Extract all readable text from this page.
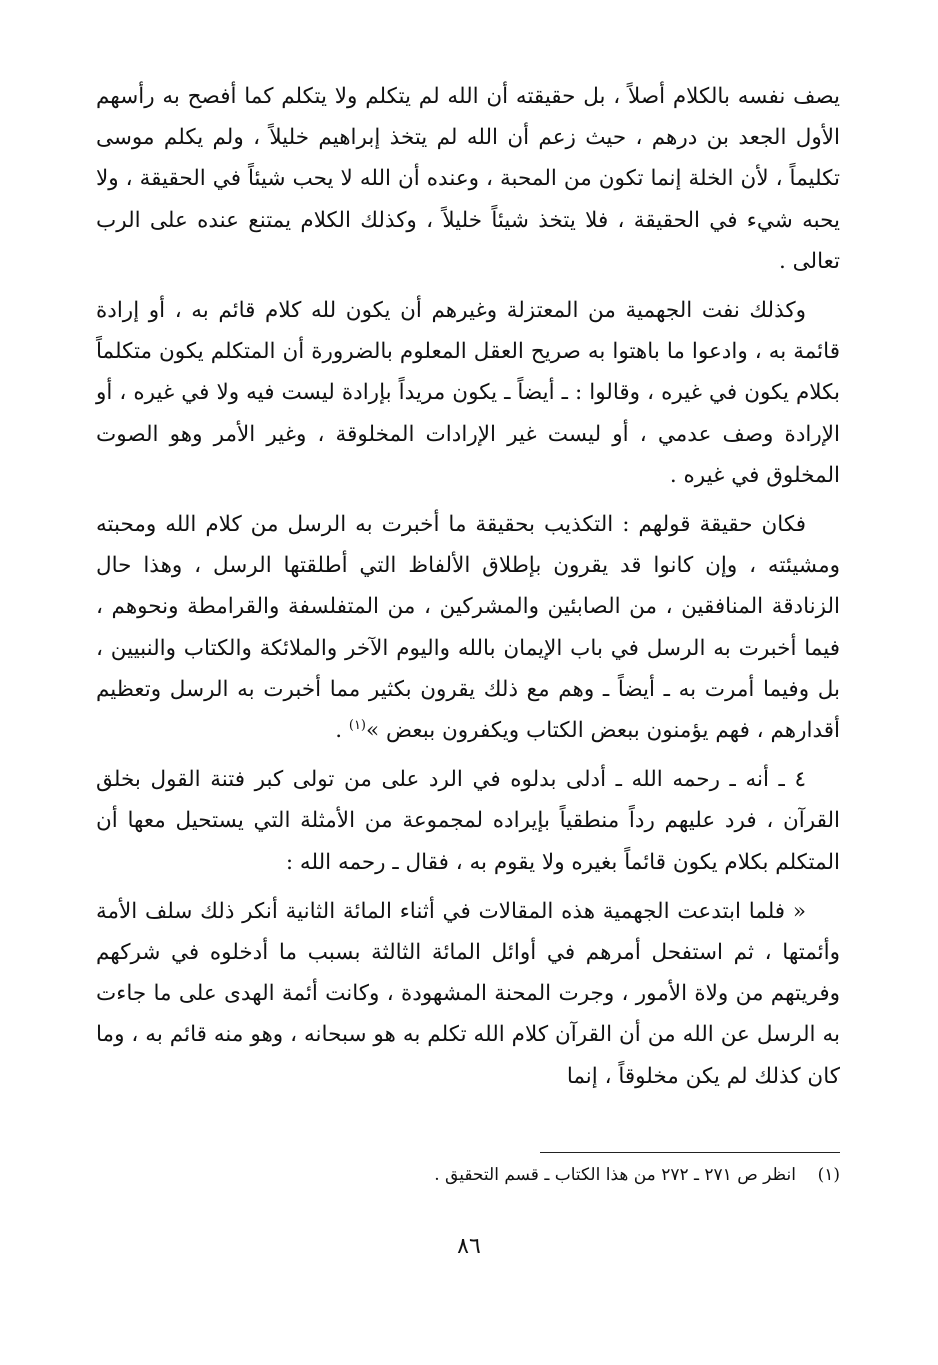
يصف نفسه بالكلام أصلاً ، بل حقيقته أن الله لم يتكلم ولا يتكلم كما أفصح به رأسهم الأول الجعد بن درهم ، حيث زعم أن الله لم يتخذ إبراهيم خليلاً ، ولم يكلم موسى تكليماً ، لأن الخلة إنما تكون من المحبة ، وعنده أن الله لا يحب شيئاً في الحقيقة ، ولا يحبه شيء في الحقيقة ، فلا يتخذ شيئاً خليلاً ، وكذلك الكلام يمتنع عنده على الرب تعالى .

وكذلك نفت الجهمية من المعتزلة وغيرهم أن يكون لله كلام قائم به ، أو إرادة قائمة به ، وادعوا ما باهتوا به صريح العقل المعلوم بالضرورة أن المتكلم يكون متكلماً بكلام يكون في غيره ، وقالوا : ـ أيضاً ـ يكون مريداً بإرادة ليست فيه ولا في غيره ، أو الإرادة وصف عدمي ، أو ليست غير الإرادات المخلوقة ، وغير الأمر وهو الصوت المخلوق في غيره .

فكان حقيقة قولهم : التكذيب بحقيقة ما أخبرت به الرسل من كلام الله ومحبته ومشيئته ، وإن كانوا قد يقرون بإطلاق الألفاظ التي أطلقتها الرسل ، وهذا حال الزنادقة المنافقين ، من الصابئين والمشركين ، من المتفلسفة والقرامطة ونحوهم ، فيما أخبرت به الرسل في باب الإيمان بالله واليوم الآخر والملائكة والكتاب والنبيين ، بل وفيما أمرت به ـ أيضاً ـ وهم مع ذلك يقرون بكثير مما أخبرت به الرسل وتعظيم أقدارهم ، فهم يؤمنون ببعض الكتاب ويكفرون ببعض »$^{(١)}$ .

٤ ـ أنه ـ رحمه الله ـ أدلى بدلوه في الرد على من تولى كبر فتنة القول بخلق القرآن ، فرد عليهم رداً منطقياً بإيراده لمجموعة من الأمثلة التي يستحيل معها أن المتكلم بكلام يكون قائماً بغيره ولا يقوم به ، فقال ـ رحمه الله :

« فلما ابتدعت الجهمية هذه المقالات في أثناء المائة الثانية أنكر ذلك سلف الأمة وأئمتها ، ثم استفحل أمرهم في أوائل المائة الثالثة بسبب ما أدخلوه في شركهم وفريتهم من ولاة الأمور ، وجرت المحنة المشهودة ، وكانت أئمة الهدى على ما جاءت به الرسل عن الله من أن القرآن كلام الله تكلم به هو سبحانه ، وهو منه قائم به ، وما كان كذلك لم يكن مخلوقاً ، إنما

(١)    انظر ص ٢٧١ ـ ٢٧٢ من هذا الكتاب ـ قسم التحقيق .
٨٦
